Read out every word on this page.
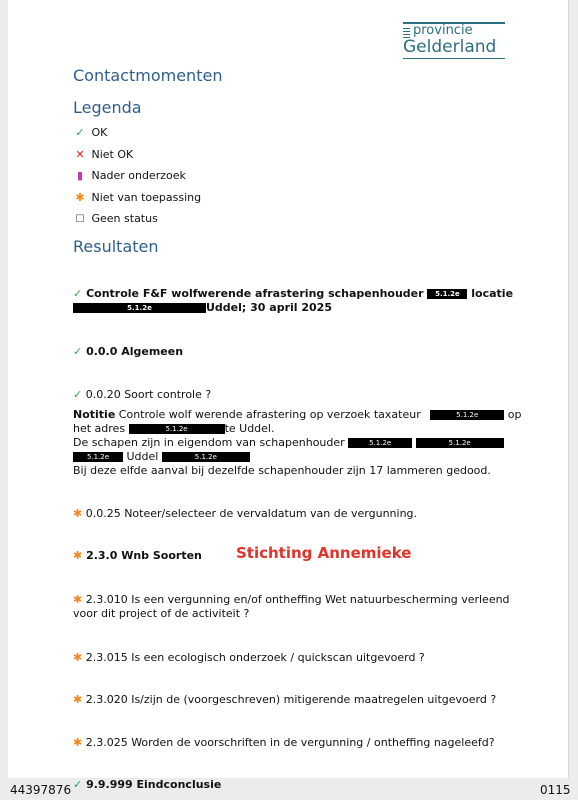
provincie
Gelderland
Contactmomenten
Legenda
✓ OK
✕ Niet OK
▮ Nader onderzoek
✱ Niet van toepassing
☐ Geen status
Resultaten
✓ Controle F&F wolfwerende afrastering schapenhouder 5.1.2e locatie
5.1.2e	Uddel; 30 april 2025
✓ 0.0.0 Algemeen
✓ 0.0.20 Soort controle ?
Notitie Controle wolf werende afrastering op verzoek taxateur	5.1.2e	op
het adres	5.1.2e	te Uddel.
De schapen zijn in eigendom van schapenhouder	5.1.2e	5.1.2e
5.1.2e Uddel	5.1.2e
Bij deze elfde aanval bij dezelfde schapenhouder zijn 17 lammeren gedood.
✱ 0.0.25 Noteer/selecteer de vervaldatum van de vergunning.
✱ 2.3.0 Wnb Soorten Stichting Annemieke
✱ 2.3.010 Is een vergunning en/of ontheffing Wet natuurbescherming verleend
voor dit project of de activiteit ?
✱ 2.3.015 Is een ecologisch onderzoek / quickscan uitgevoerd ?
✱ 2.3.020 Is/zijn de (voorgeschreven) mitigerende maatregelen uitgevoerd ?
✱ 2.3.025 Worden de voorschriften in de vergunning / ontheffing nageleefd?
✓ 9.9.999 Eindconclusie
44397876	0115
